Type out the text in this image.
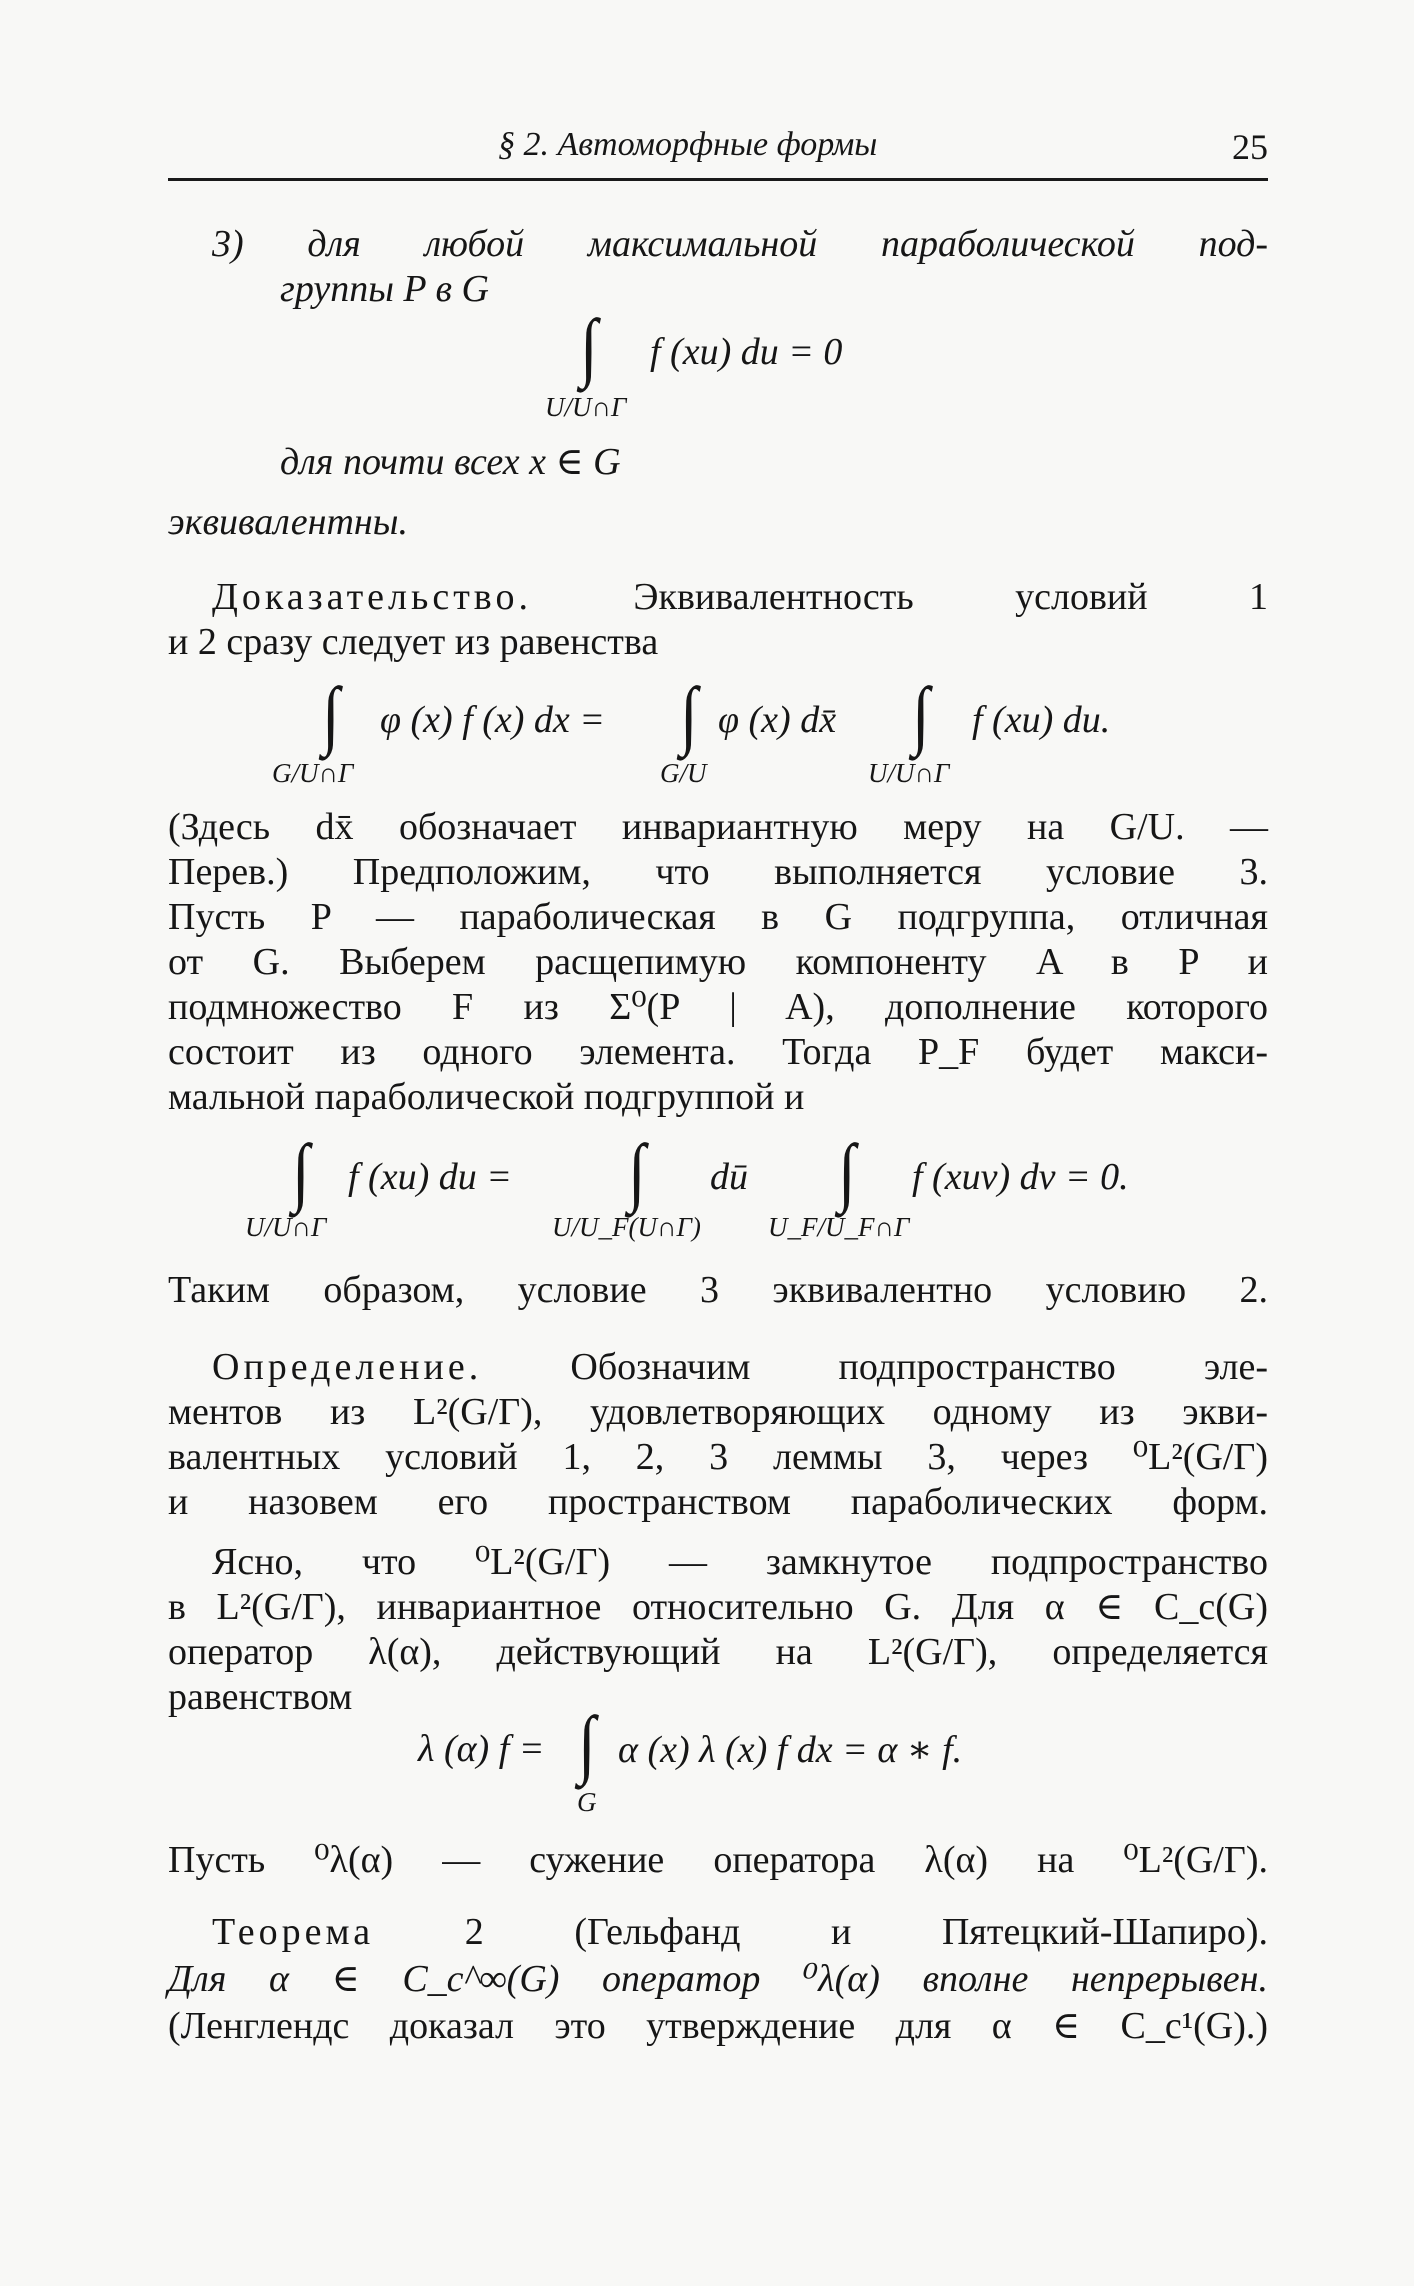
§ 2. Автоморфные формы	25
3) для любой максимальной параболической под-
группы P в G
∫ f (xu) du = 0
U/U∩Γ
для почти всех x ∈ G
эквивалентны.
Доказательство. Эквивалентность условий 1
и 2 сразу следует из равенства
∫ φ (x) f (x) dx =
G/U∩Γ
∫ φ (x) dx̄
G/U
∫ f (xu) du.
U/U∩Γ
(Здесь dx̄ обозначает инвариантную меру на G/U. —
Перев.) Предположим, что выполняется условие 3.
Пусть P — параболическая в G подгруппа, отличная
от G. Выберем расщепимую компоненту A в P и
подмножество F из Σ⁰(P | A), дополнение которого
состоит из одного элемента. Тогда P_F будет макси-
мальной параболической подгруппой и
∫ f (xu) du =
U/U∩Γ
∫ dū
U/U_F(U∩Γ)
∫ f (xuv) dv = 0.
U_F/U_F∩Γ
Таким образом, условие 3 эквивалентно условию 2.
Определение. Обозначим подпространство эле-
ментов из L²(G/Γ), удовлетворяющих одному из экви-
валентных условий 1, 2, 3 леммы 3, через ⁰L²(G/Γ)
и назовем его пространством параболических форм.
Ясно, что ⁰L²(G/Γ) — замкнутое подпространство
в L²(G/Γ), инвариантное относительно G. Для α ∈ C_c(G)
оператор λ(α), действующий на L²(G/Γ), определяется
равенством
λ (α) f = ∫ α (x) λ (x) f dx = α ∗ f.
G
Пусть ⁰λ(α) — сужение оператора λ(α) на ⁰L²(G/Γ).
Теорема 2 (Гельфанд и Пятецкий-Шапиро).
Для α ∈ C_c^∞(G) оператор ⁰λ(α) вполне непрерывен.
(Ленглендс доказал это утверждение для α ∈ C_c¹(G).)
